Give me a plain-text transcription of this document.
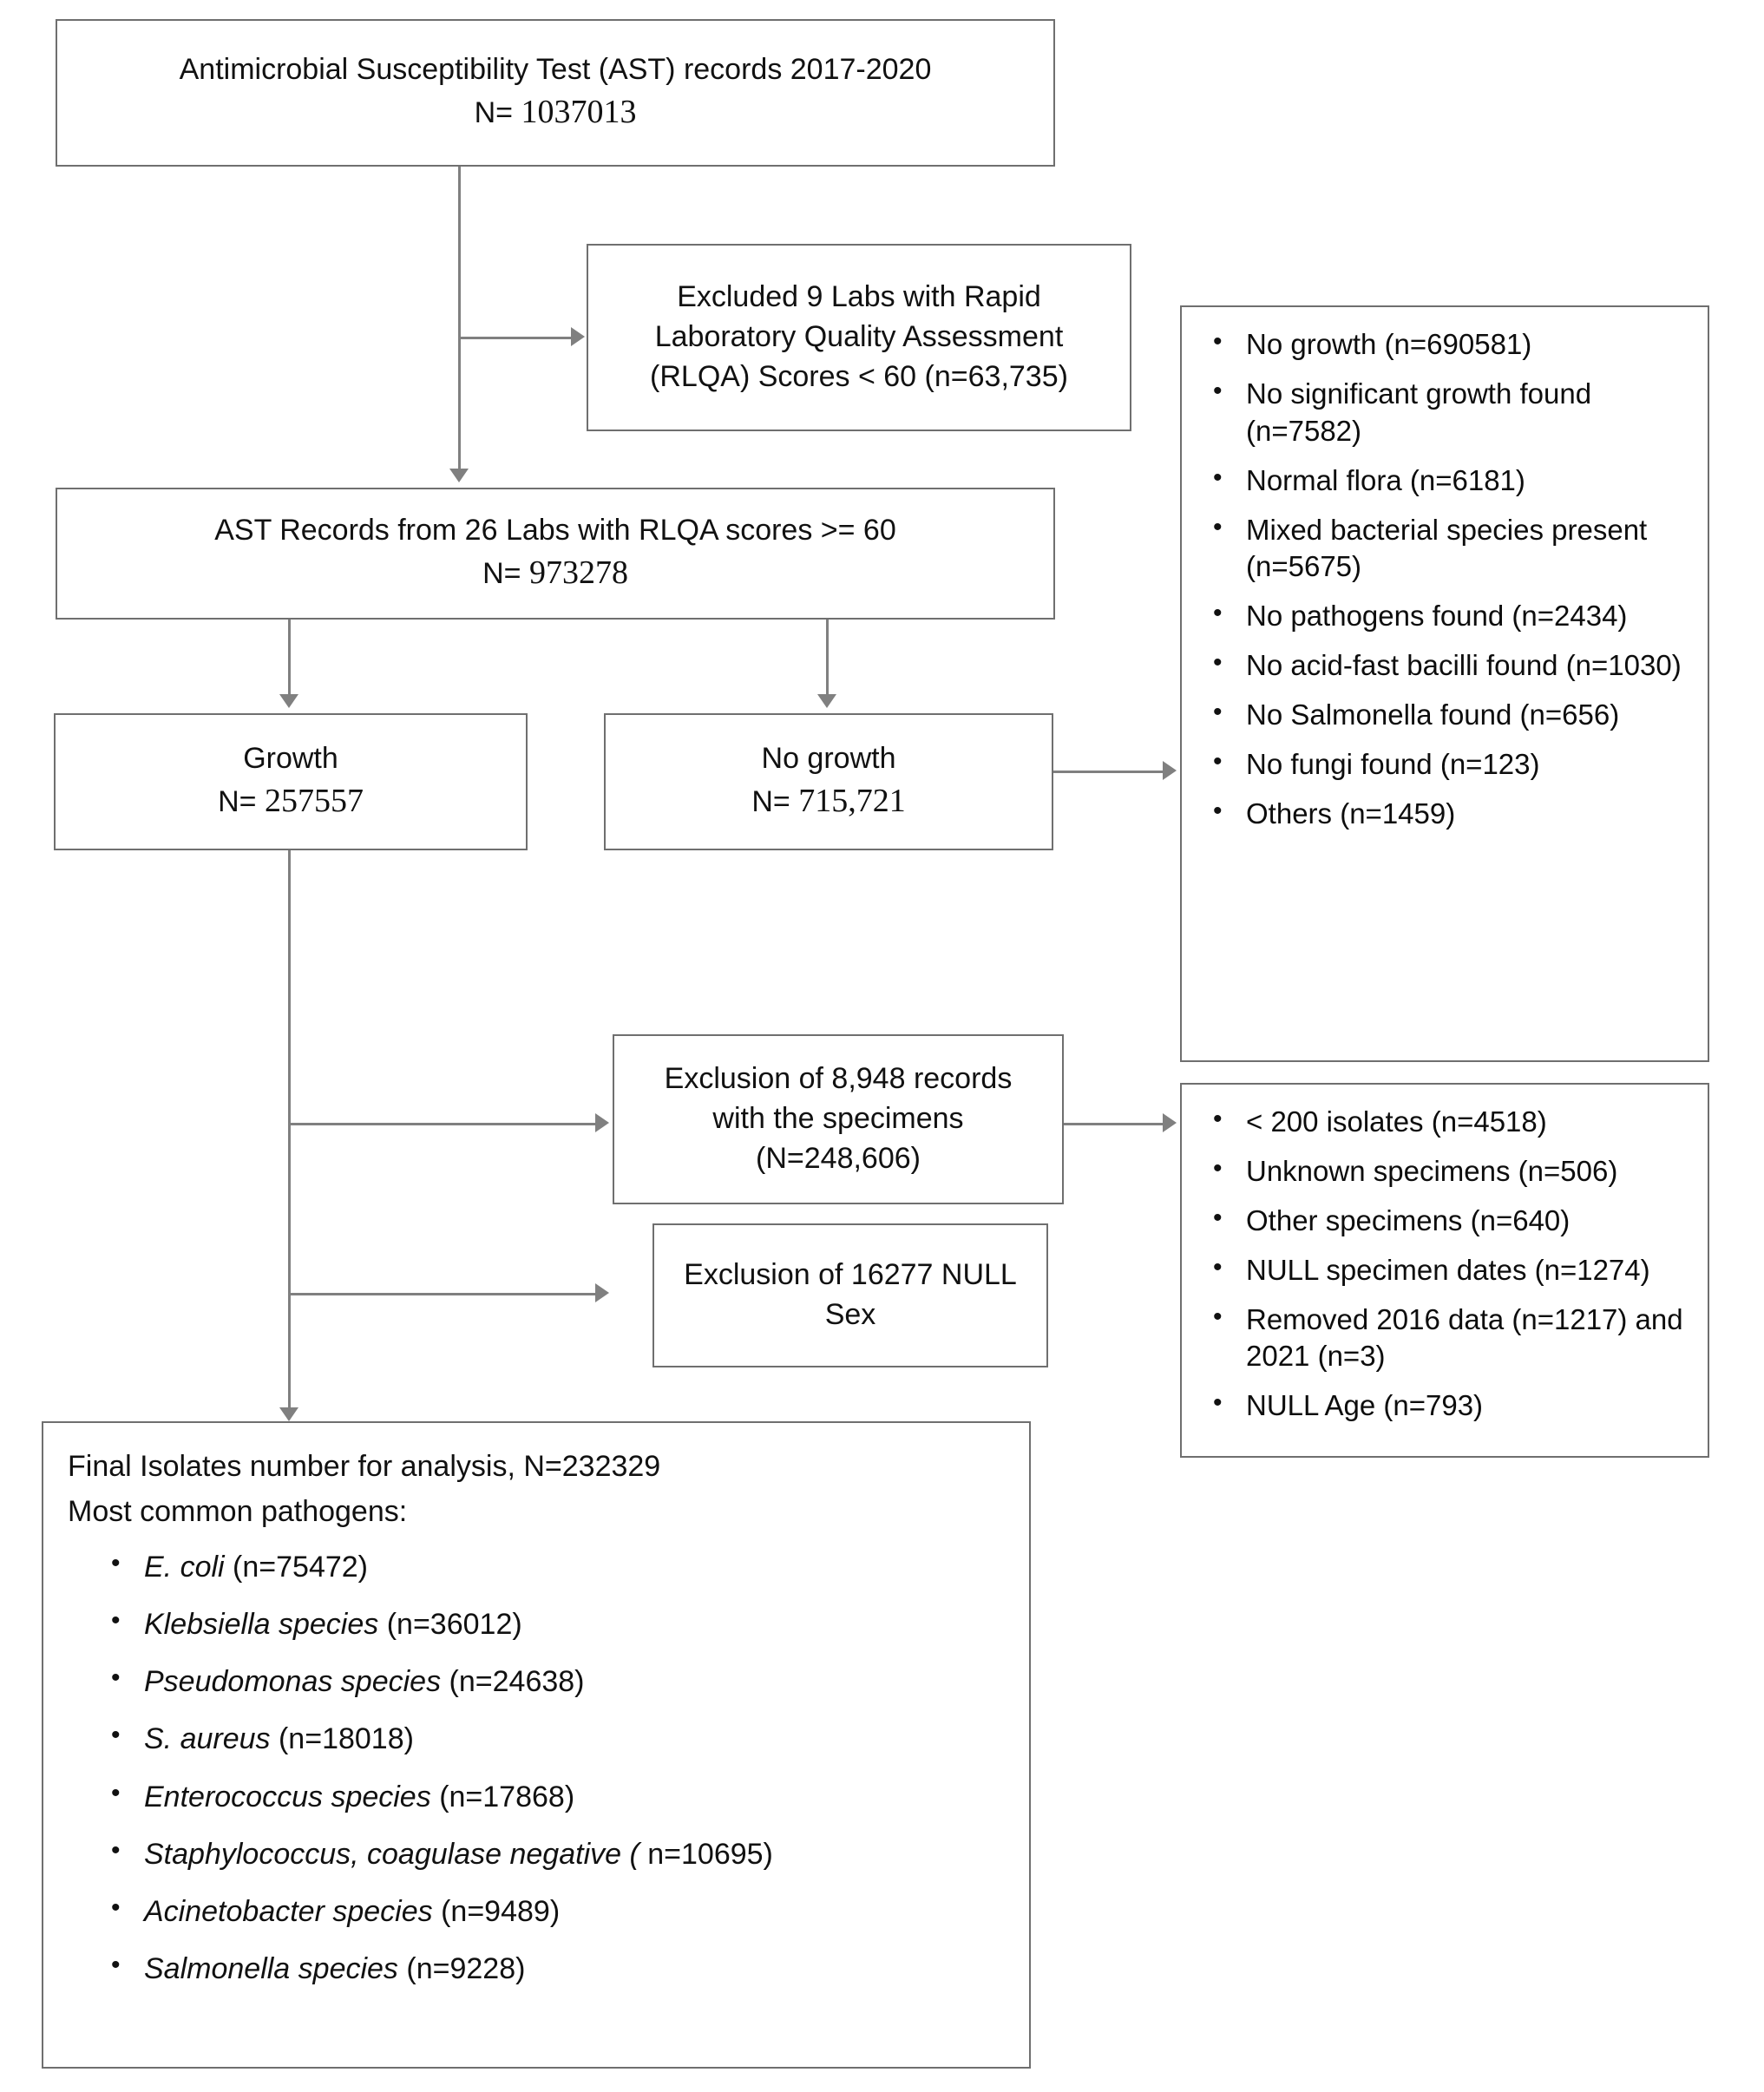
Antimicrobial Susceptibility Test (AST) records 2017-2020
N= 1037013
Excluded 9 Labs with Rapid
Laboratory Quality Assessment
(RLQA) Scores < 60 (n=63,735)
AST Records from 26 Labs with RLQA scores >= 60
N= 973278
Growth
N= 257557
No growth
N= 715,721
• No growth (n=690581)
• No significant growth found (n=7582)
• Normal flora (n=6181)
• Mixed bacterial species present (n=5675)
• No pathogens found (n=2434)
• No acid-fast bacilli found (n=1030)
• No Salmonella found (n=656)
• No fungi found (n=123)
• Others (n=1459)
Exclusion of 8,948 records
with the specimens
(N=248,606)
• < 200 isolates (n=4518)
• Unknown specimens (n=506)
• Other specimens (n=640)
• NULL specimen dates (n=1274)
• Removed 2016 data (n=1217) and 2021 (n=3)
• NULL Age (n=793)
Exclusion of 16277 NULL
Sex
Final Isolates number for analysis, N=232329
Most common pathogens:
• E. coli (n=75472)
• Klebsiella species (n=36012)
• Pseudomonas species (n=24638)
• S. aureus (n=18018)
• Enterococcus species (n=17868)
• Staphylococcus, coagulase negative ( n=10695)
• Acinetobacter species (n=9489)
• Salmonella species (n=9228)
